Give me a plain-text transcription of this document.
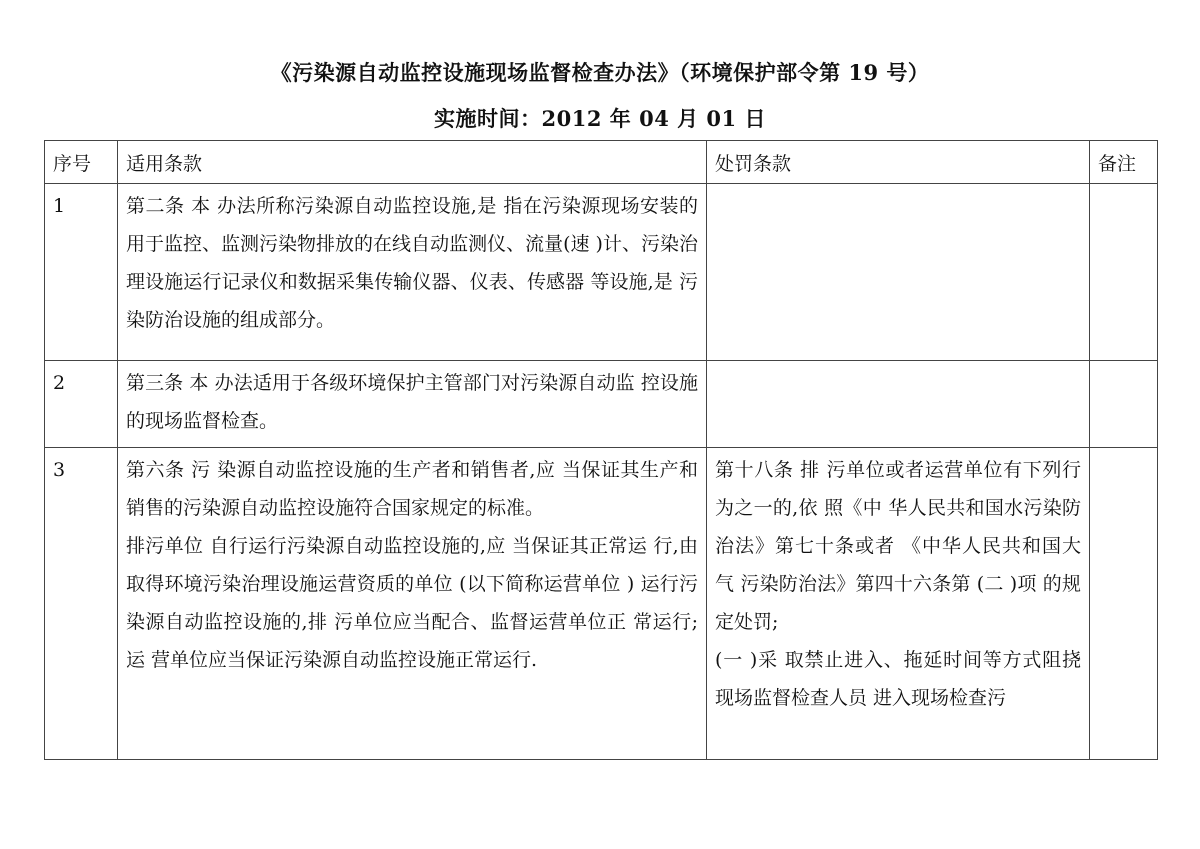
《污染源自动监控设施现场监督检查办法》（环境保护部令第 19 号）
实施时间：2012 年 04 月 01 日
序号	适用条款	处罚条款	备注
1	第二条 本 办法所称污染源自动监控设施,是 指在污染源现场安装的用于监控、监测污染物排放的在线自动监测仪、流量(速 )计、污染治理设施运行记录仪和数据采集传输仪器、仪表、传感器 等设施,是 污染防治设施的组成部分。		

2	第三条 本 办法适用于各级环境保护主管部门对污染源自动监 控设施的现场监督检查。		

3	第六条 污 染源自动监控设施的生产者和销售者,应 当保证其生产和销售的污染源自动监控设施符合国家规定的标准。
排污单位 自行运行污染源自动监控设施的,应 当保证其正常运 行,由 取得环境污染治理设施运营资质的单位 (以下简称运营单位 ) 运行污染源自动监控设施的,排 污单位应当配合、监督运营单位正 常运行;运 营单位应当保证污染源自动监控设施正常运行.	第十八条 排 污单位或者运营单位有下列行为之一的,依 照《中 华人民共和国水污染防治法》第七十条或者 《中华人民共和国大气 污染防治法》第四十六条第 (二 )项 的规定处罚;
(一 )采 取禁止进入、拖延时间等方式阻挠现场监督检查人员 进入现场检查污	
